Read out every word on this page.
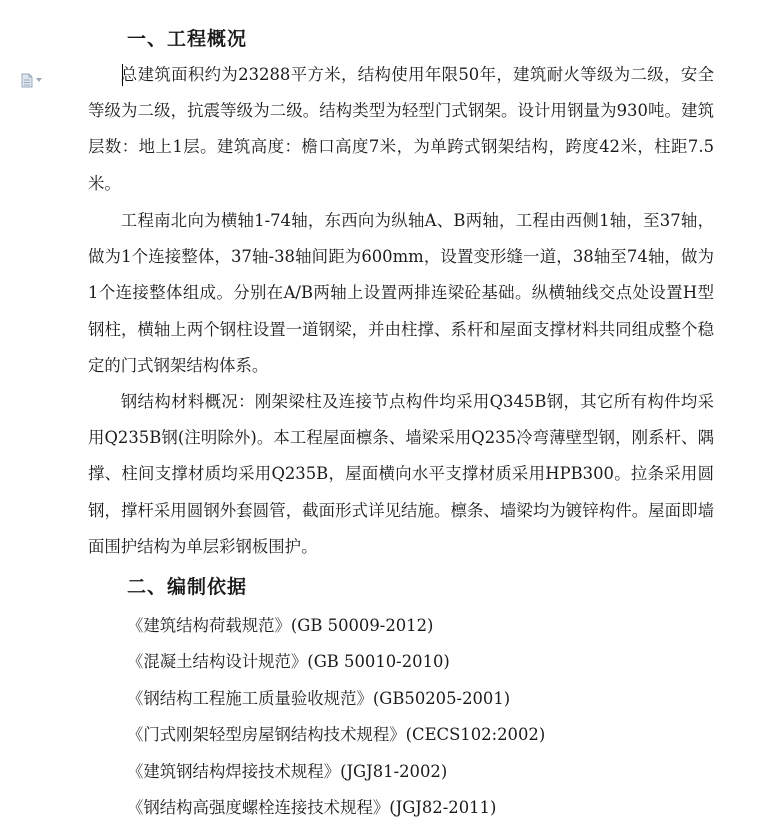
一、工程概况

总建筑面积约为23288平方米，结构使用年限50年，建筑耐火等级为二级，安全等级为二级，抗震等级为二级。结构类型为轻型门式钢架。设计用钢量为930吨。建筑层数：地上1层。建筑高度：檐口高度7米，为单跨式钢架结构，跨度42米，柱距7.5米。

工程南北向为横轴1-74轴，东西向为纵轴A、B两轴，工程由西侧1轴，至37轴，做为1个连接整体，37轴-38轴间距为600mm，设置变形缝一道，38轴至74轴，做为1个连接整体组成。分别在A/B两轴上设置两排连梁砼基础。纵横轴线交点处设置H型钢柱，横轴上两个钢柱设置一道钢梁，并由柱撑、系杆和屋面支撑材料共同组成整个稳定的门式钢架结构体系。

钢结构材料概况：刚架梁柱及连接节点构件均采用Q345B钢，其它所有构件均采用Q235B钢(注明除外)。本工程屋面檩条、墙梁采用Q235冷弯薄壁型钢，刚系杆、隅撑、柱间支撑材质均采用Q235B，屋面横向水平支撑材质采用HPB300。拉条采用圆钢，撑杆采用圆钢外套圆管，截面形式详见结施。檩条、墙梁均为镀锌构件。屋面即墙面围护结构为单层彩钢板围护。

二、编制依据
《建筑结构荷载规范》(GB 50009-2012)
《混凝土结构设计规范》(GB 50010-2010)
《钢结构工程施工质量验收规范》(GB50205-2001)
《门式刚架轻型房屋钢结构技术规程》(CECS102:2002)
《建筑钢结构焊接技术规程》(JGJ81-2002)
《钢结构高强度螺栓连接技术规程》(JGJ82-2011)
